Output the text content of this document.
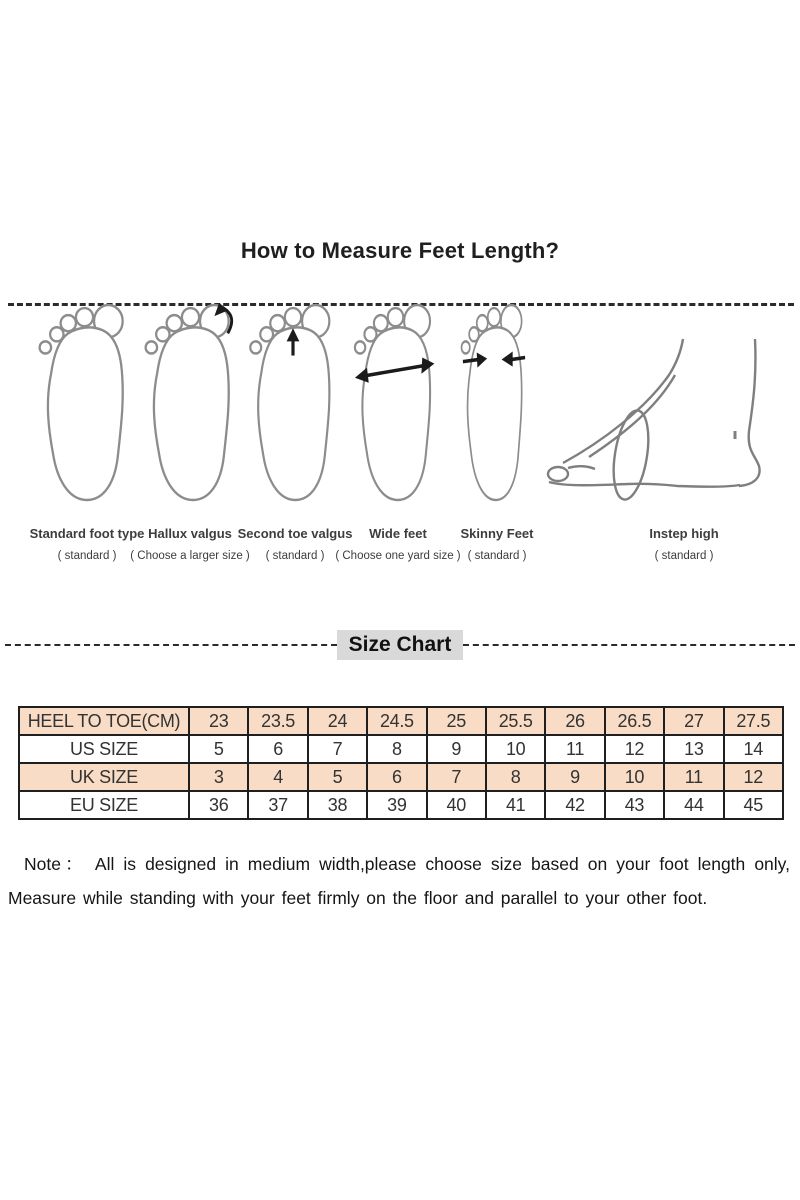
How to Measure Feet Length?
Standard foot type
( standard )
Hallux valgus
( Choose a larger size )
Second toe valgus
( standard )
Wide feet
( Choose one yard size )
Skinny Feet
( standard )
Instep high
( standard )
Size Chart
HEEL TO TOE(CM)	23	23.5	24	24.5	25	25.5	26	26.5	27	27.5
US SIZE	5	6	7	8	9	10	11	12	13	14
UK SIZE	3	4	5	6	7	8	9	10	11	12
EU SIZE	36	37	38	39	40	41	42	43	44	45
Note： All is designed in medium width,please choose size based on your foot length only,
Measure while standing with your feet firmly on the floor and parallel to your other foot.
